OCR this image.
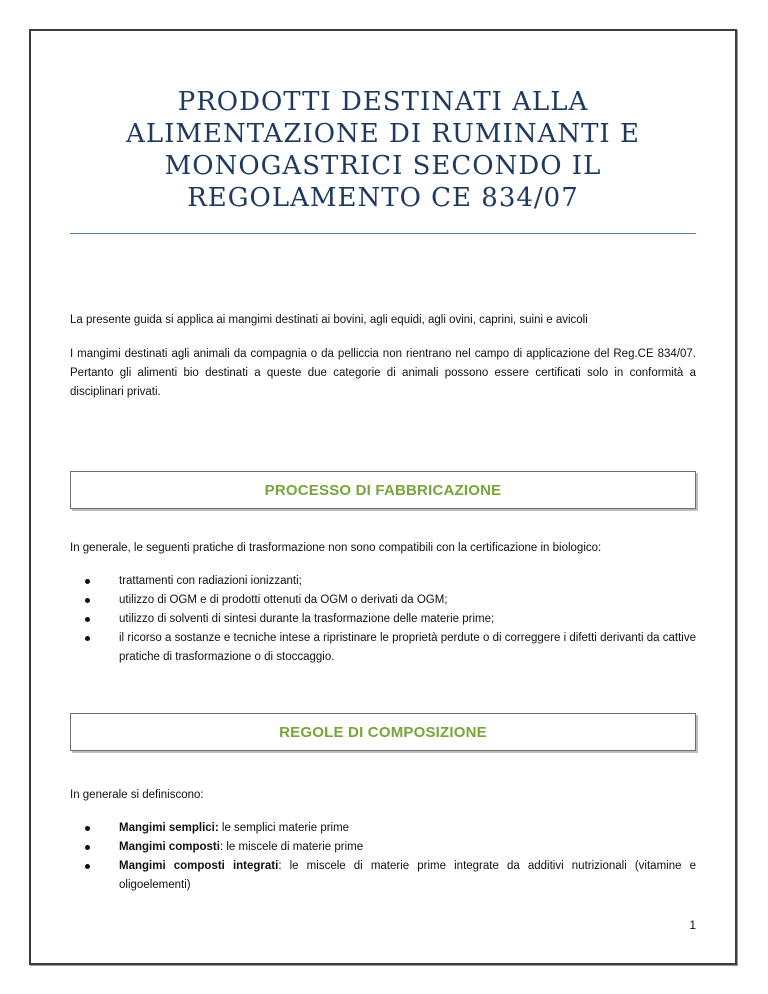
PRODOTTI DESTINATI ALLA
ALIMENTAZIONE DI RUMINANTI E
MONOGASTRICI SECONDO IL
REGOLAMENTO CE 834/07

La presente guida si applica ai mangimi destinati ai bovini, agli equidi, agli ovini, caprini, suini e avicoli

I mangimi destinati agli animali da compagnia o da pelliccia non rientrano nel campo di applicazione del Reg.CE 834/07. Pertanto gli alimenti bio destinati a queste due categorie di animali possono essere certificati solo in conformità a disciplinari privati.

PROCESSO DI FABBRICAZIONE

In generale, le seguenti pratiche di trasformazione non sono compatibili con la certificazione in biologico:

trattamenti con radiazioni ionizzanti;
utilizzo di OGM e di prodotti ottenuti da OGM o derivati da OGM;
utilizzo di solventi di sintesi durante la trasformazione delle materie prime;
il ricorso a sostanze e tecniche intese a ripristinare le proprietà perdute o di correggere i difetti derivanti da cattive pratiche di trasformazione o di stoccaggio.
REGOLE DI COMPOSIZIONE

In generale si definiscono:

Mangimi semplici: le semplici materie prime
Mangimi composti: le miscele di materie prime
Mangimi composti integrati: le miscele di materie prime integrate da additivi nutrizionali (vitamine e oligoelementi)
1
